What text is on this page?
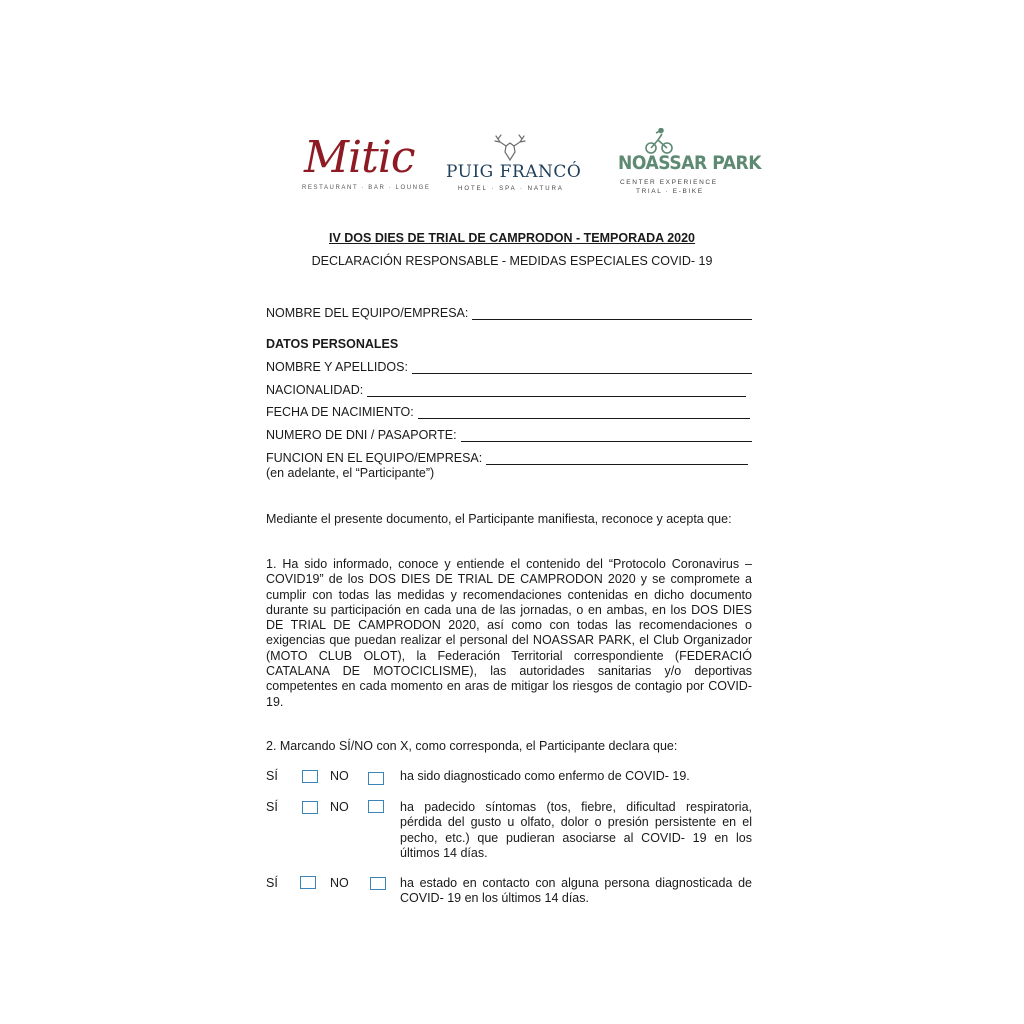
Mitic
RESTAURANT · BAR · LOUNGE
PUIG FRANCÓ
HOTEL · SPA · NATURA
NOASSAR PARK
CENTER EXPERIENCE
TRIAL · E-BIKE
IV DOS DIES DE TRIAL DE CAMPRODON - TEMPORADA 2020
DECLARACIÓN RESPONSABLE - MEDIDAS ESPECIALES COVID- 19
NOMBRE DEL EQUIPO/EMPRESA:
DATOS PERSONALES
NOMBRE Y APELLIDOS:
NACIONALIDAD:
FECHA DE NACIMIENTO:
NUMERO DE DNI / PASAPORTE:
FUNCION EN EL EQUIPO/EMPRESA:
(en adelante, el “Participante”)
Mediante el presente documento, el Participante manifiesta, reconoce y acepta que:
1. Ha sido informado, conoce y entiende el contenido del “Protocolo Coronavirus – COVID19” de los DOS DIES DE TRIAL DE CAMPRODON 2020 y se compromete a cumplir con todas las medidas y recomendaciones contenidas en dicho documento durante su participación en cada una de las jornadas, o en ambas, en los DOS DIES DE TRIAL DE CAMPRODON 2020, así como con todas las recomendaciones o exigencias que puedan realizar el personal del NOASSAR PARK, el Club Organizador (MOTO CLUB OLOT), la Federación Territorial correspondiente (FEDERACIÓ CATALANA DE MOTOCICLISME), las autoridades sanitarias y/o deportivas competentes en cada momento en aras de mitigar los riesgos de contagio por COVID- 19.
2. Marcando SÍ/NO con X, como corresponda, el Participante declara que:
SÍ	NO	ha sido diagnosticado como enfermo de COVID- 19.
SÍ	NO	ha padecido síntomas (tos, fiebre, dificultad respiratoria, pérdida del gusto u olfato, dolor o presión persistente en el pecho, etc.) que pudieran asociarse al COVID- 19 en los últimos 14 días.
SÍ	NO	ha estado en contacto con alguna persona diagnosticada de COVID- 19 en los últimos 14 días.
